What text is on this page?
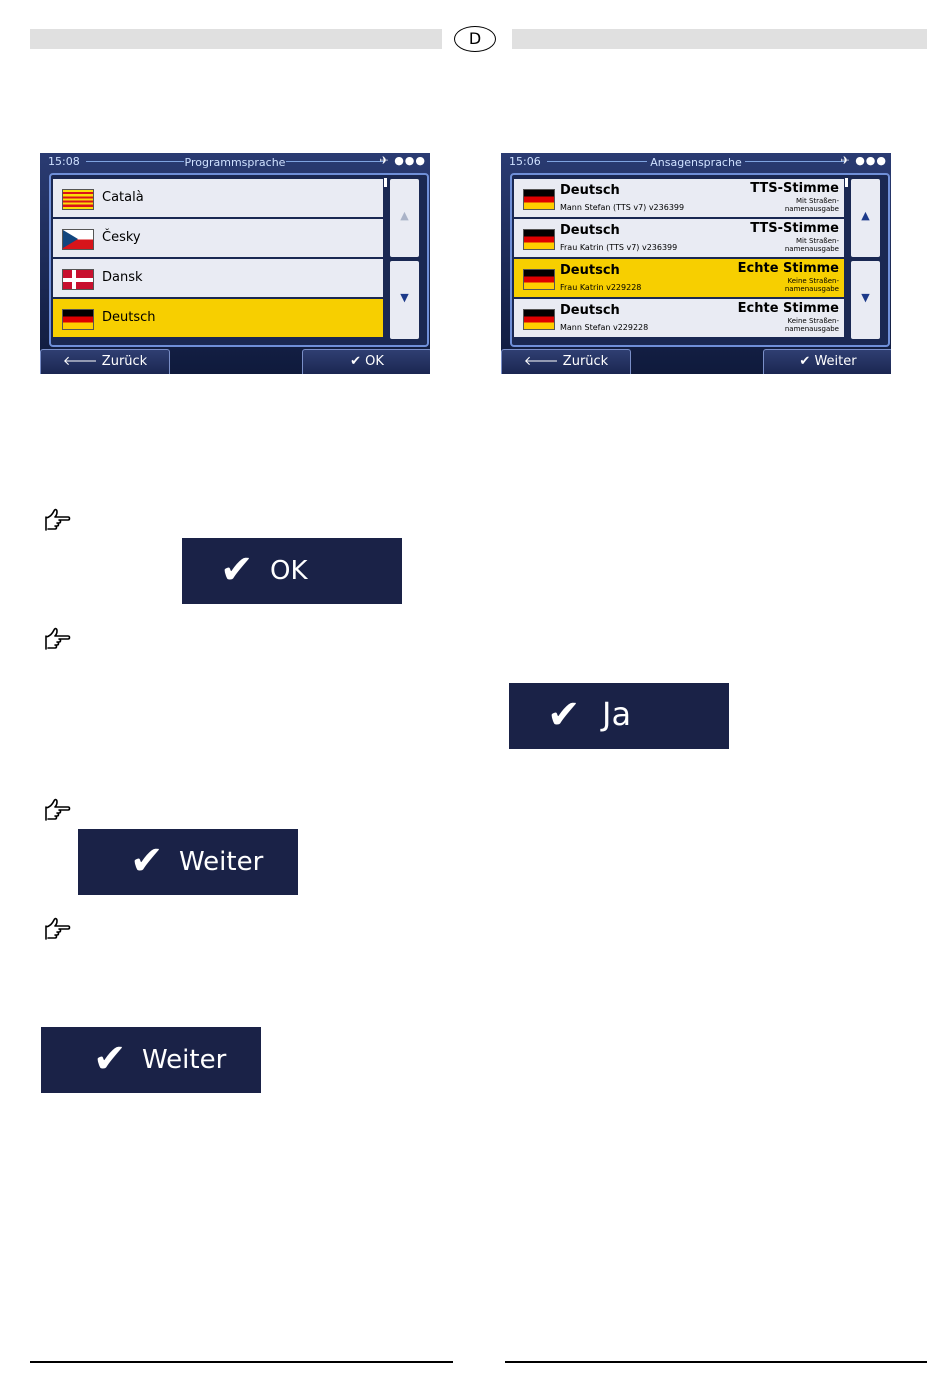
D
15:08	Programmsprache	✈ ●●●
Català
Česky
Dansk
Deutsch
▲
▼
🡐 Zurück	✔ OK
15:06	Ansagensprache	✈ ●●●
Deutsch
Mann Stefan (TTS v7) v236399
TTS-Stimme
Mit Straßen-
namenausgabe
Deutsch
Frau Katrin (TTS v7) v236399
TTS-Stimme
Mit Straßen-
namenausgabe
Deutsch
Frau Katrin v229228
Echte Stimme
Keine Straßen-
namenausgabe
Deutsch
Mann Stefan v229228
Echte Stimme
Keine Straßen-
namenausgabe
▲
▼
🡐 Zurück	✔ Weiter
✔ OK
✔ Ja
✔ Weiter
✔ Weiter
